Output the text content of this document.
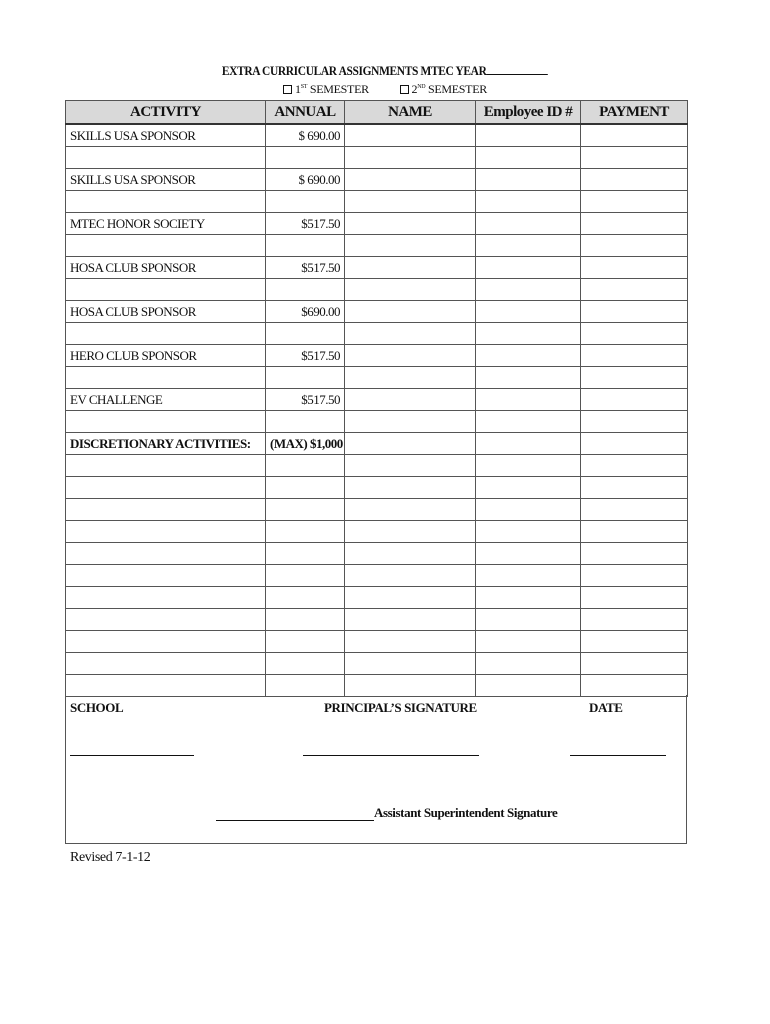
EXTRA CURRICULAR ASSIGNMENTS MTEC YEAR
1ST SEMESTER	2ND SEMESTER
ACTIVITY	ANNUAL	NAME	Employee ID #	PAYMENT
SKILLS USA SPONSOR	$ 690.00			

SKILLS USA SPONSOR	$ 690.00			

MTEC HONOR SOCIETY	$517.50			

HOSA CLUB SPONSOR	$517.50			

HOSA CLUB SPONSOR	$690.00			

HERO CLUB SPONSOR	$517.50			

EV CHALLENGE	$517.50			

DISCRETIONARY ACTIVITIES:	(MAX) $1,000			

SCHOOL	PRINCIPAL’S SIGNATURE	DATE
Assistant Superintendent Signature
Revised 7-1-12
